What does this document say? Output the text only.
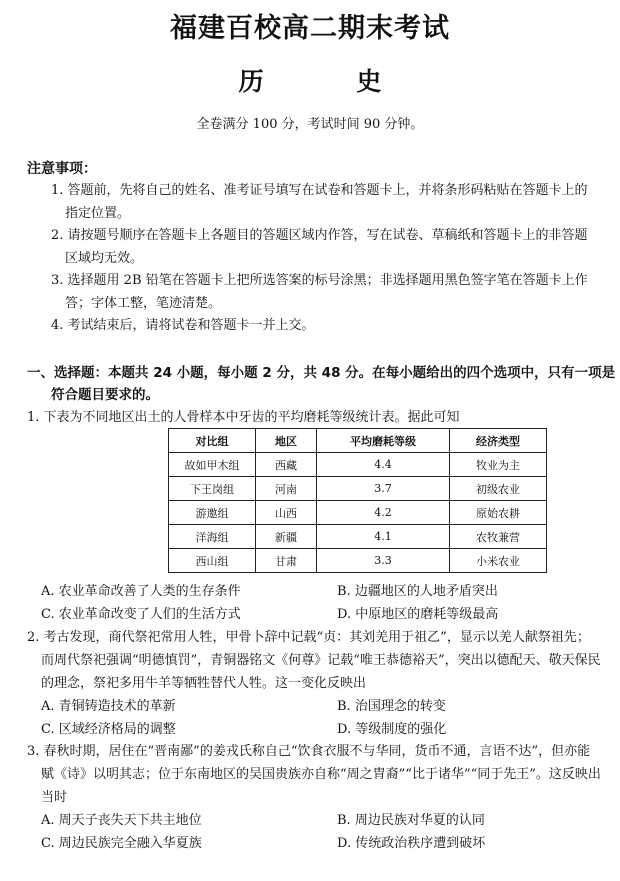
福建百校高二期末考试
历	史
全卷满分 100 分，考试时间 90 分钟。
注意事项：
1. 答题前，先将自己的姓名、准考证号填写在试卷和答题卡上，并将条形码粘贴在答题卡上的指定位置。
2. 请按题号顺序在答题卡上各题目的答题区域内作答，写在试卷、草稿纸和答题卡上的非答题区域均无效。
3. 选择题用 2B 铅笔在答题卡上把所选答案的标号涂黑；非选择题用黑色签字笔在答题卡上作答；字体工整，笔迹清楚。
4. 考试结束后，请将试卷和答题卡一并上交。
一、选择题：本题共 24 小题，每小题 2 分，共 48 分。在每小题给出的四个选项中，只有一项是符合题目要求的。
1. 下表为不同地区出土的人骨样本中牙齿的平均磨耗等级统计表。据此可知
对比组	地区	平均磨耗等级	经济类型
故如甲木组	西藏	4.4	牧业为主
下王岗组	河南	3.7	初级农业
游邀组	山西	4.2	原始农耕
洋海组	新疆	4.1	农牧兼营
西山组	甘肃	3.3	小米农业
A. 农业革命改善了人类的生存条件	B. 边疆地区的人地矛盾突出
C. 农业革命改变了人们的生活方式	D. 中原地区的磨耗等级最高
2. 考古发现，商代祭祀常用人牲，甲骨卜辞中记载“贞：其刘羌用于祖乙”，显示以羌人献祭祖先；而周代祭祀强调“明德慎罚”，青铜器铭文《何尊》记载“唯王恭德裕天”，突出以德配天、敬天保民的理念，祭祀多用牛羊等牺牲替代人牲。这一变化反映出
A. 青铜铸造技术的革新	B. 治国理念的转变
C. 区域经济格局的调整	D. 等级制度的强化
3. 春秋时期，居住在“晋南鄙”的姜戎氏称自己“饮食衣服不与华同，货币不通，言语不达”，但亦能赋《诗》以明其志；位于东南地区的吴国贵族亦自称“周之胄裔”“比于诸华”“同于先王”。这反映出当时
A. 周天子丧失天下共主地位	B. 周边民族对华夏的认同
C. 周边民族完全融入华夏族	D. 传统政治秩序遭到破坏
